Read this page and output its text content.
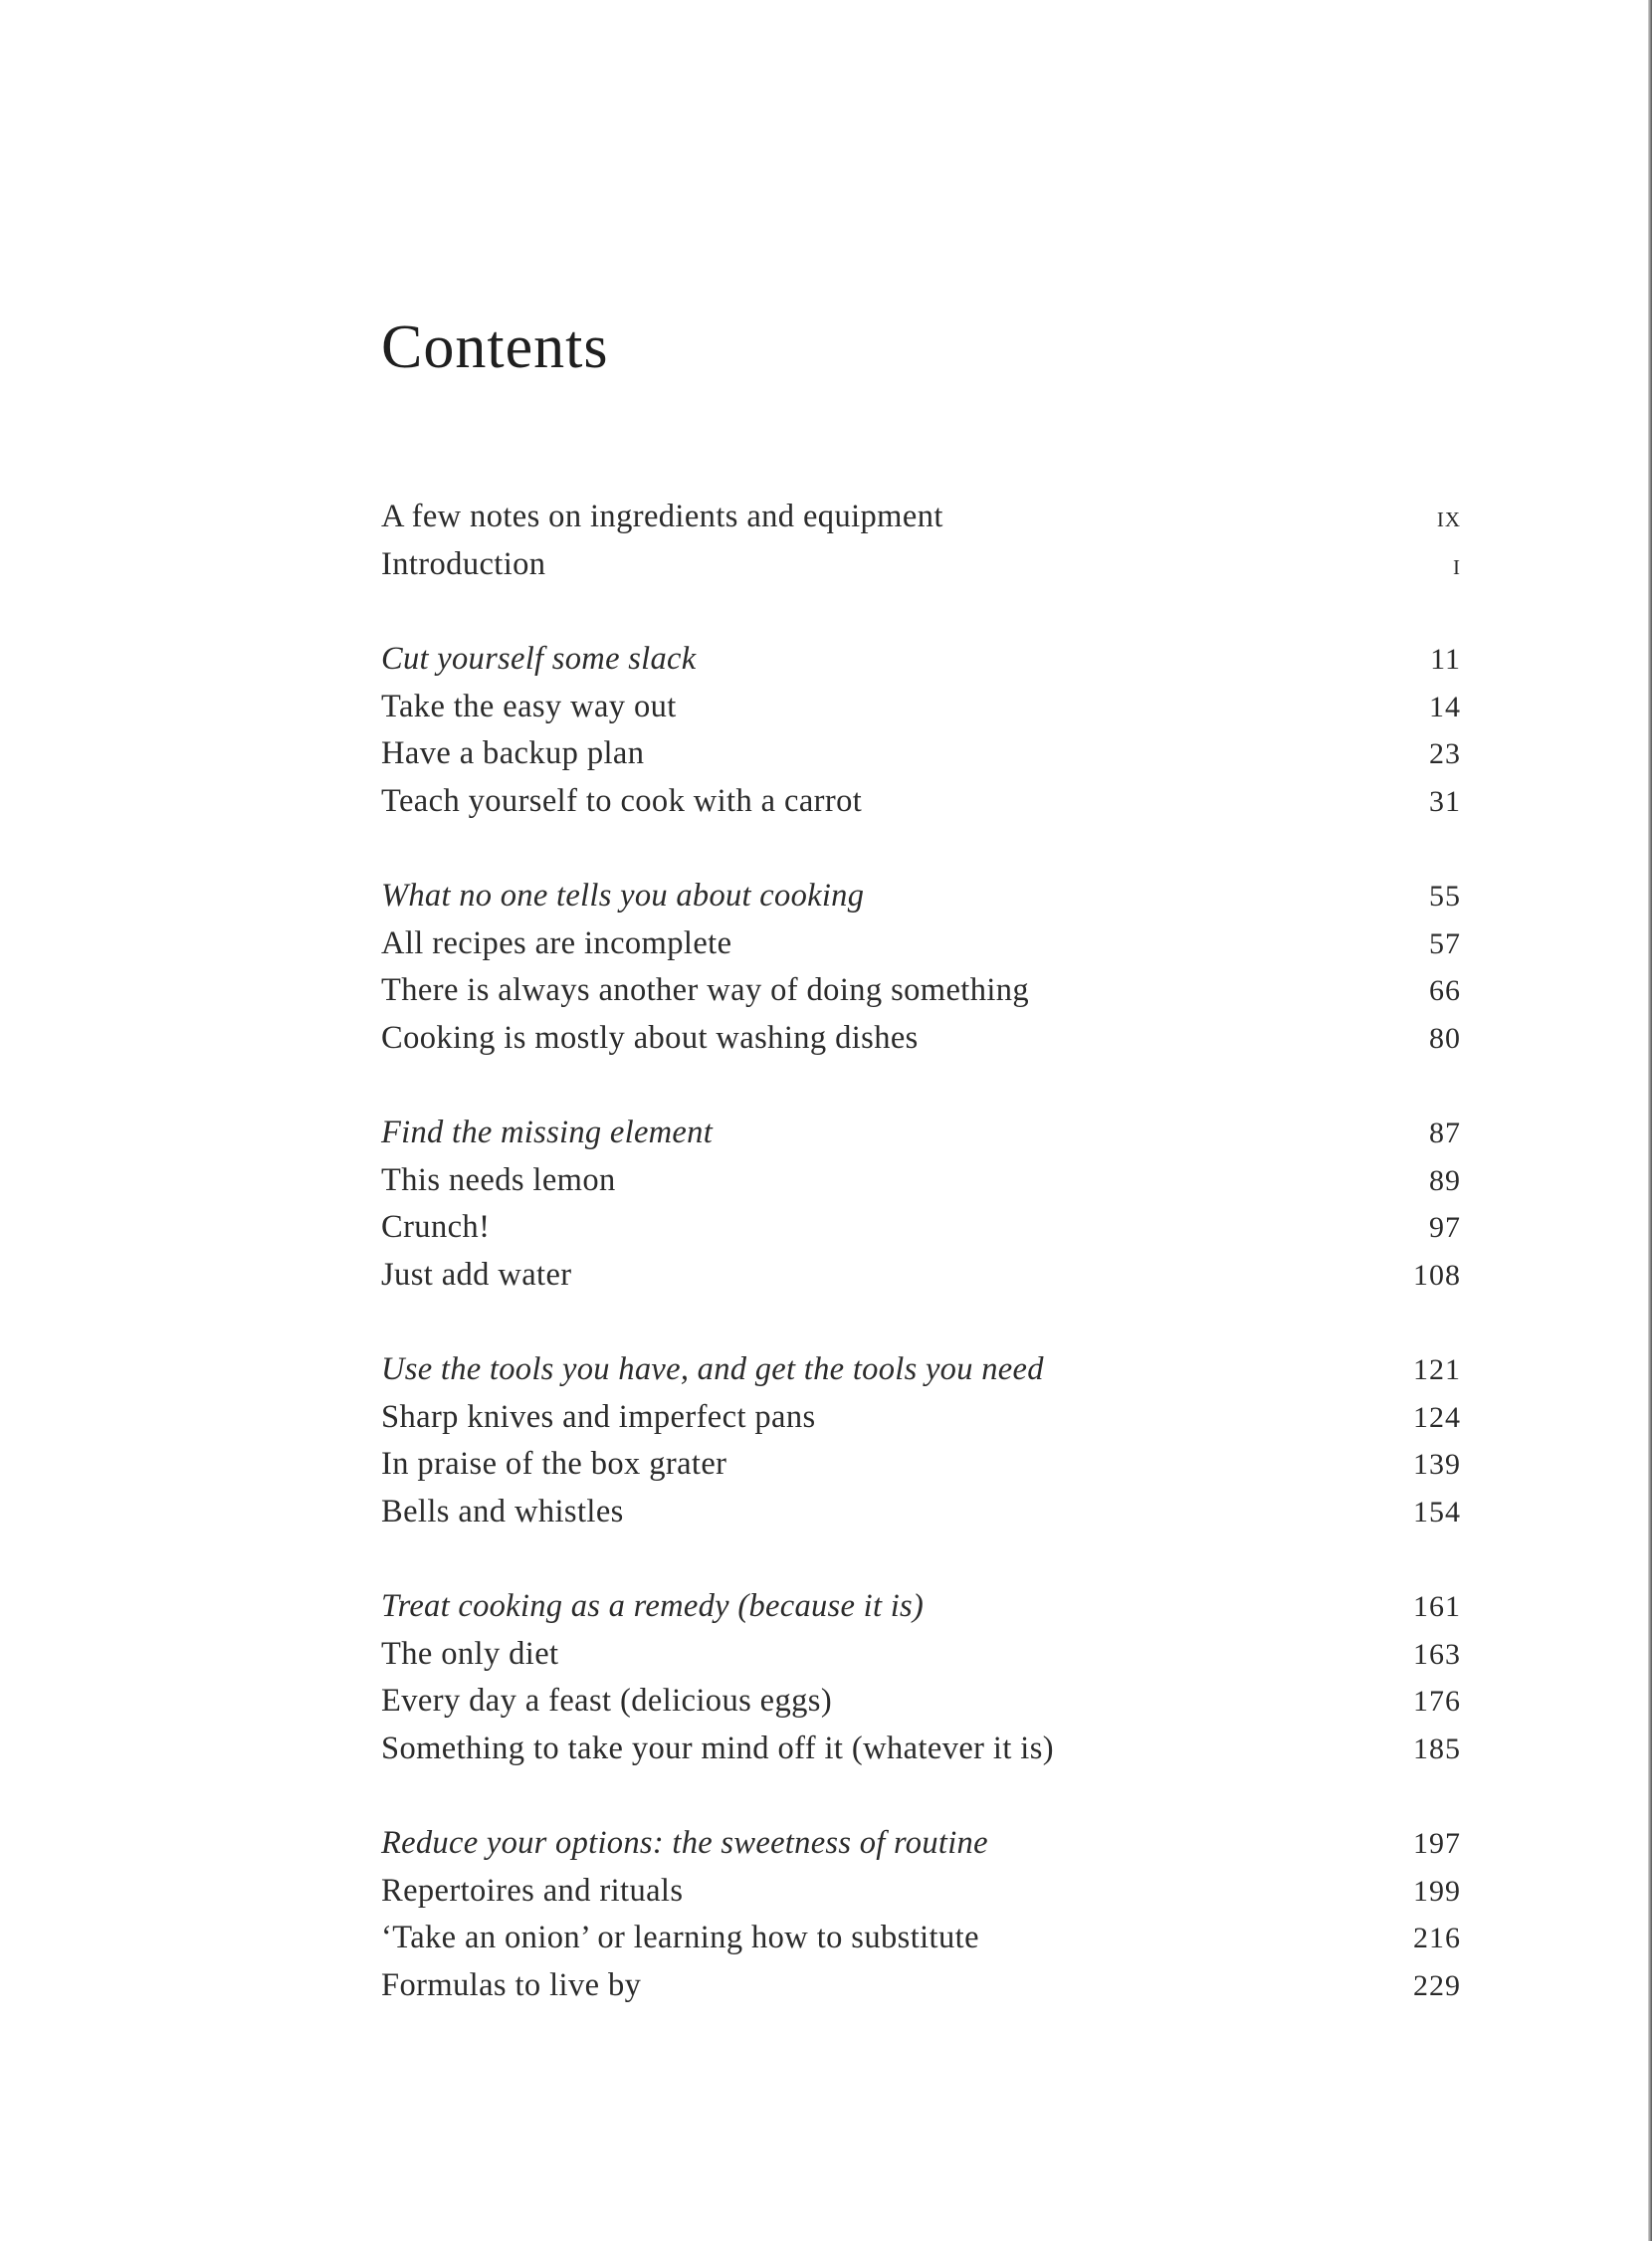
Contents
A few notes on ingredients and equipment	ix
Introduction	i
Cut yourself some slack	11
Take the easy way out	14
Have a backup plan	23
Teach yourself to cook with a carrot	31
What no one tells you about cooking	55
All recipes are incomplete	57
There is always another way of doing something	66
Cooking is mostly about washing dishes	80
Find the missing element	87
This needs lemon	89
Crunch!	97
Just add water	108
Use the tools you have, and get the tools you need	121
Sharp knives and imperfect pans	124
In praise of the box grater	139
Bells and whistles	154
Treat cooking as a remedy (because it is)	161
The only diet	163
Every day a feast (delicious eggs)	176
Something to take your mind off it (whatever it is)	185
Reduce your options: the sweetness of routine	197
Repertoires and rituals	199
‘Take an onion’ or learning how to substitute	216
Formulas to live by	229
